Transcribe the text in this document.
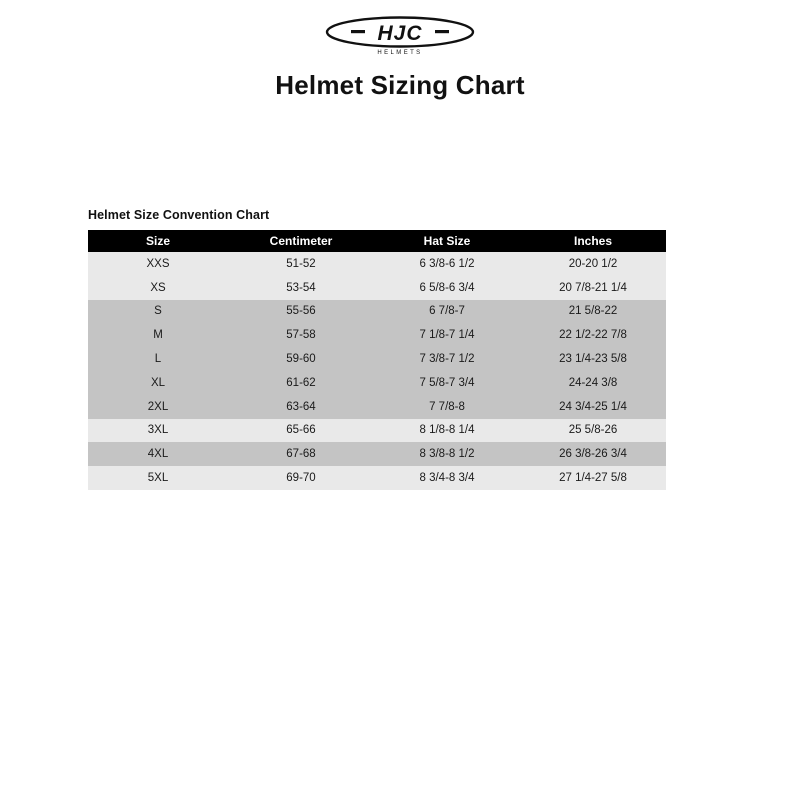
HJC
HELMETS
Helmet Sizing Chart
Helmet Size Convention Chart
Size	Centimeter	Hat Size	Inches
XXS	51-52	6 3/8-6 1/2	20-20 1/2
XS	53-54	6 5/8-6 3/4	20 7/8-21 1/4
S	55-56	6 7/8-7	21 5/8-22
M	57-58	7 1/8-7 1/4	22 1/2-22 7/8
L	59-60	7 3/8-7 1/2	23 1/4-23 5/8
XL	61-62	7 5/8-7 3/4	24-24 3/8
2XL	63-64	7 7/8-8	24 3/4-25 1/4
3XL	65-66	8 1/8-8 1/4	25 5/8-26
4XL	67-68	8 3/8-8 1/2	26 3/8-26 3/4
5XL	69-70	8 3/4-8 3/4	27 1/4-27 5/8
